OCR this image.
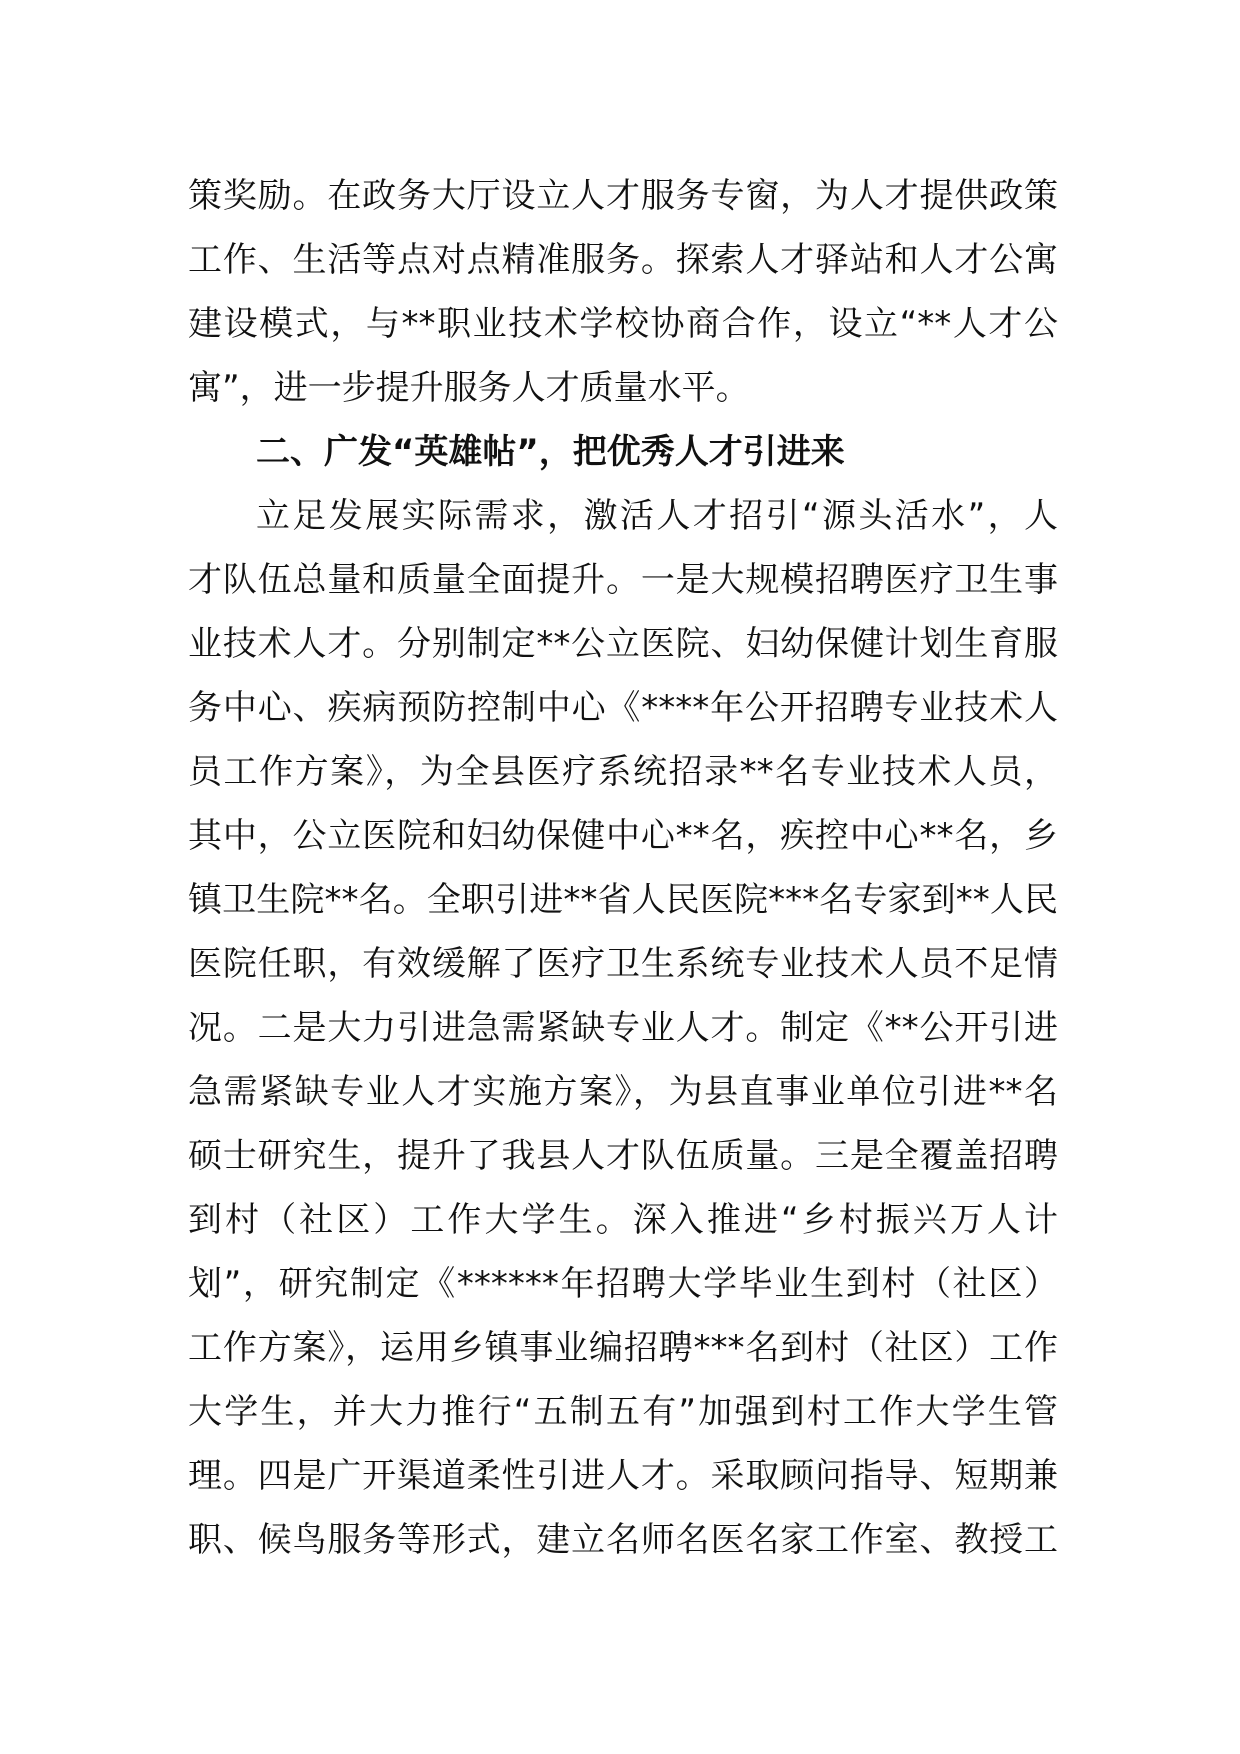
策奖励。在政务大厅设立人才服务专窗，为人才提供政策
工作、生活等点对点精准服务。探索人才驿站和人才公寓
建设模式，与**职业技术学校协商合作，设立“**人才公
寓”，进一步提升服务人才质量水平。
二、广发“英雄帖”，把优秀人才引进来
立足发展实际需求，激活人才招引“源头活水”，人
才队伍总量和质量全面提升。一是大规模招聘医疗卫生事
业技术人才。分别制定**公立医院、妇幼保健计划生育服
务中心、疾病预防控制中心《****年公开招聘专业技术人
员工作方案》，为全县医疗系统招录**名专业技术人员，
其中，公立医院和妇幼保健中心**名，疾控中心**名，乡
镇卫生院**名。全职引进**省人民医院***名专家到**人民
医院任职，有效缓解了医疗卫生系统专业技术人员不足情
况。二是大力引进急需紧缺专业人才。制定《**公开引进
急需紧缺专业人才实施方案》，为县直事业单位引进**名
硕士研究生，提升了我县人才队伍质量。三是全覆盖招聘
到村（社区）工作大学生。深入推进“乡村振兴万人计
划”，研究制定《******年招聘大学毕业生到村（社区）
工作方案》，运用乡镇事业编招聘***名到村（社区）工作
大学生，并大力推行“五制五有”加强到村工作大学生管
理。四是广开渠道柔性引进人才。采取顾问指导、短期兼
职、候鸟服务等形式，建立名师名医名家工作室、教授工
